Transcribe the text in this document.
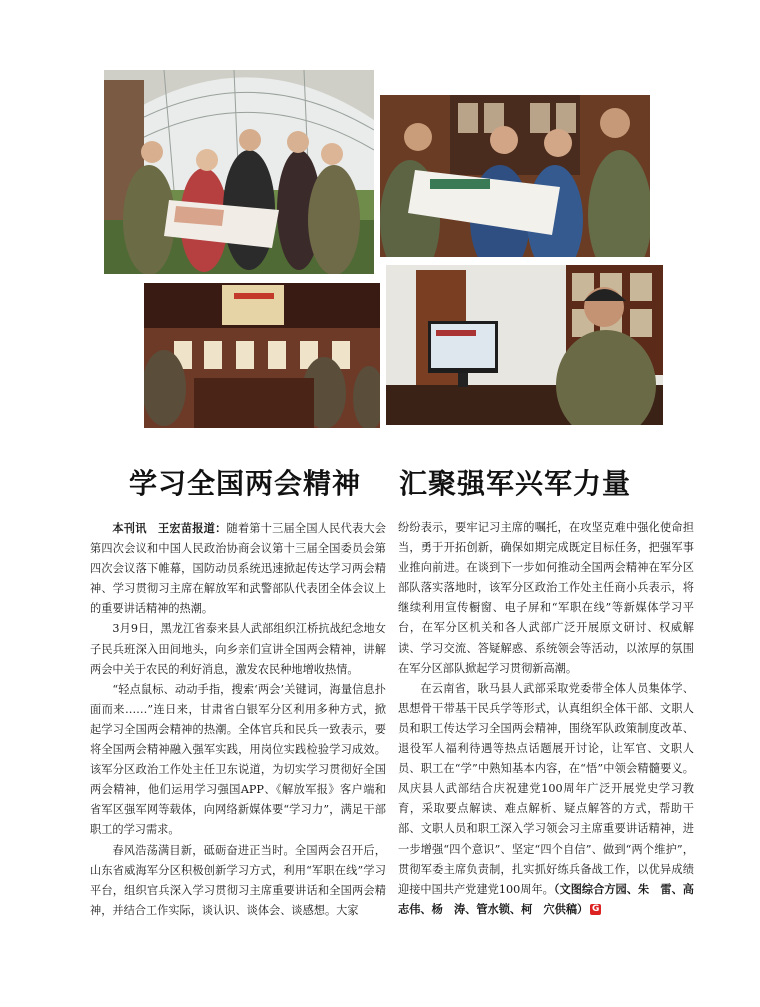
学习全国两会精神 汇聚强军兴军力量

本刊讯　王宏苗报道：随着第十三届全国人民代表大会第四次会议和中国人民政治协商会议第十三届全国委员会第四次会议落下帷幕，国防动员系统迅速掀起传达学习两会精神、学习贯彻习主席在解放军和武警部队代表团全体会议上的重要讲话精神的热潮。

3月9日，黑龙江省泰来县人武部组织江桥抗战纪念地女子民兵班深入田间地头，向乡亲们宣讲全国两会精神，讲解两会中关于农民的利好消息，激发农民种地增收热情。

“轻点鼠标、动动手指，搜索‘两会’关键词，海量信息扑面而来……”连日来，甘肃省白银军分区利用多种方式，掀起学习全国两会精神的热潮。全体官兵和民兵一致表示，要将全国两会精神融入强军实践，用岗位实践检验学习成效。该军分区政治工作处主任卫东说道，为切实学习贯彻好全国两会精神，他们运用学习强国APP、《解放军报》客户端和省军区强军网等载体，向网络新媒体要“学习力”，满足干部职工的学习需求。

春风浩荡满目新，砥砺奋进正当时。全国两会召开后，山东省威海军分区积极创新学习方式，利用“军职在线”学习平台，组织官兵深入学习贯彻习主席重要讲话和全国两会精神，并结合工作实际，谈认识、谈体会、谈感想。大家

纷纷表示，要牢记习主席的嘱托，在攻坚克难中强化使命担当，勇于开拓创新，确保如期完成既定目标任务，把强军事业推向前进。在谈到下一步如何推动全国两会精神在军分区部队落实落地时，该军分区政治工作处主任商小兵表示，将继续利用宣传橱窗、电子屏和“军职在线”等新媒体学习平台，在军分区机关和各人武部广泛开展原文研讨、权威解读、学习交流、答疑解惑、系统领会等活动，以浓厚的氛围在军分区部队掀起学习贯彻新高潮。

在云南省，耿马县人武部采取党委带全体人员集体学、思想骨干带基干民兵学等形式，认真组织全体干部、文职人员和职工传达学习全国两会精神，围绕军队政策制度改革、退役军人福利待遇等热点话题展开讨论，让军官、文职人员、职工在“学”中熟知基本内容，在“悟”中领会精髓要义。凤庆县人武部结合庆祝建党100周年广泛开展党史学习教育，采取要点解读、难点解析、疑点解答的方式，帮助干部、文职人员和职工深入学习领会习主席重要讲话精神，进一步增强“四个意识”、坚定“四个自信”、做到“两个维护”，贯彻军委主席负责制，扎实抓好练兵备战工作，以优异成绩迎接中国共产党建党100周年。（文图综合方园、朱　雷、高志伟、杨　涛、管水锁、柯　穴供稿） G
